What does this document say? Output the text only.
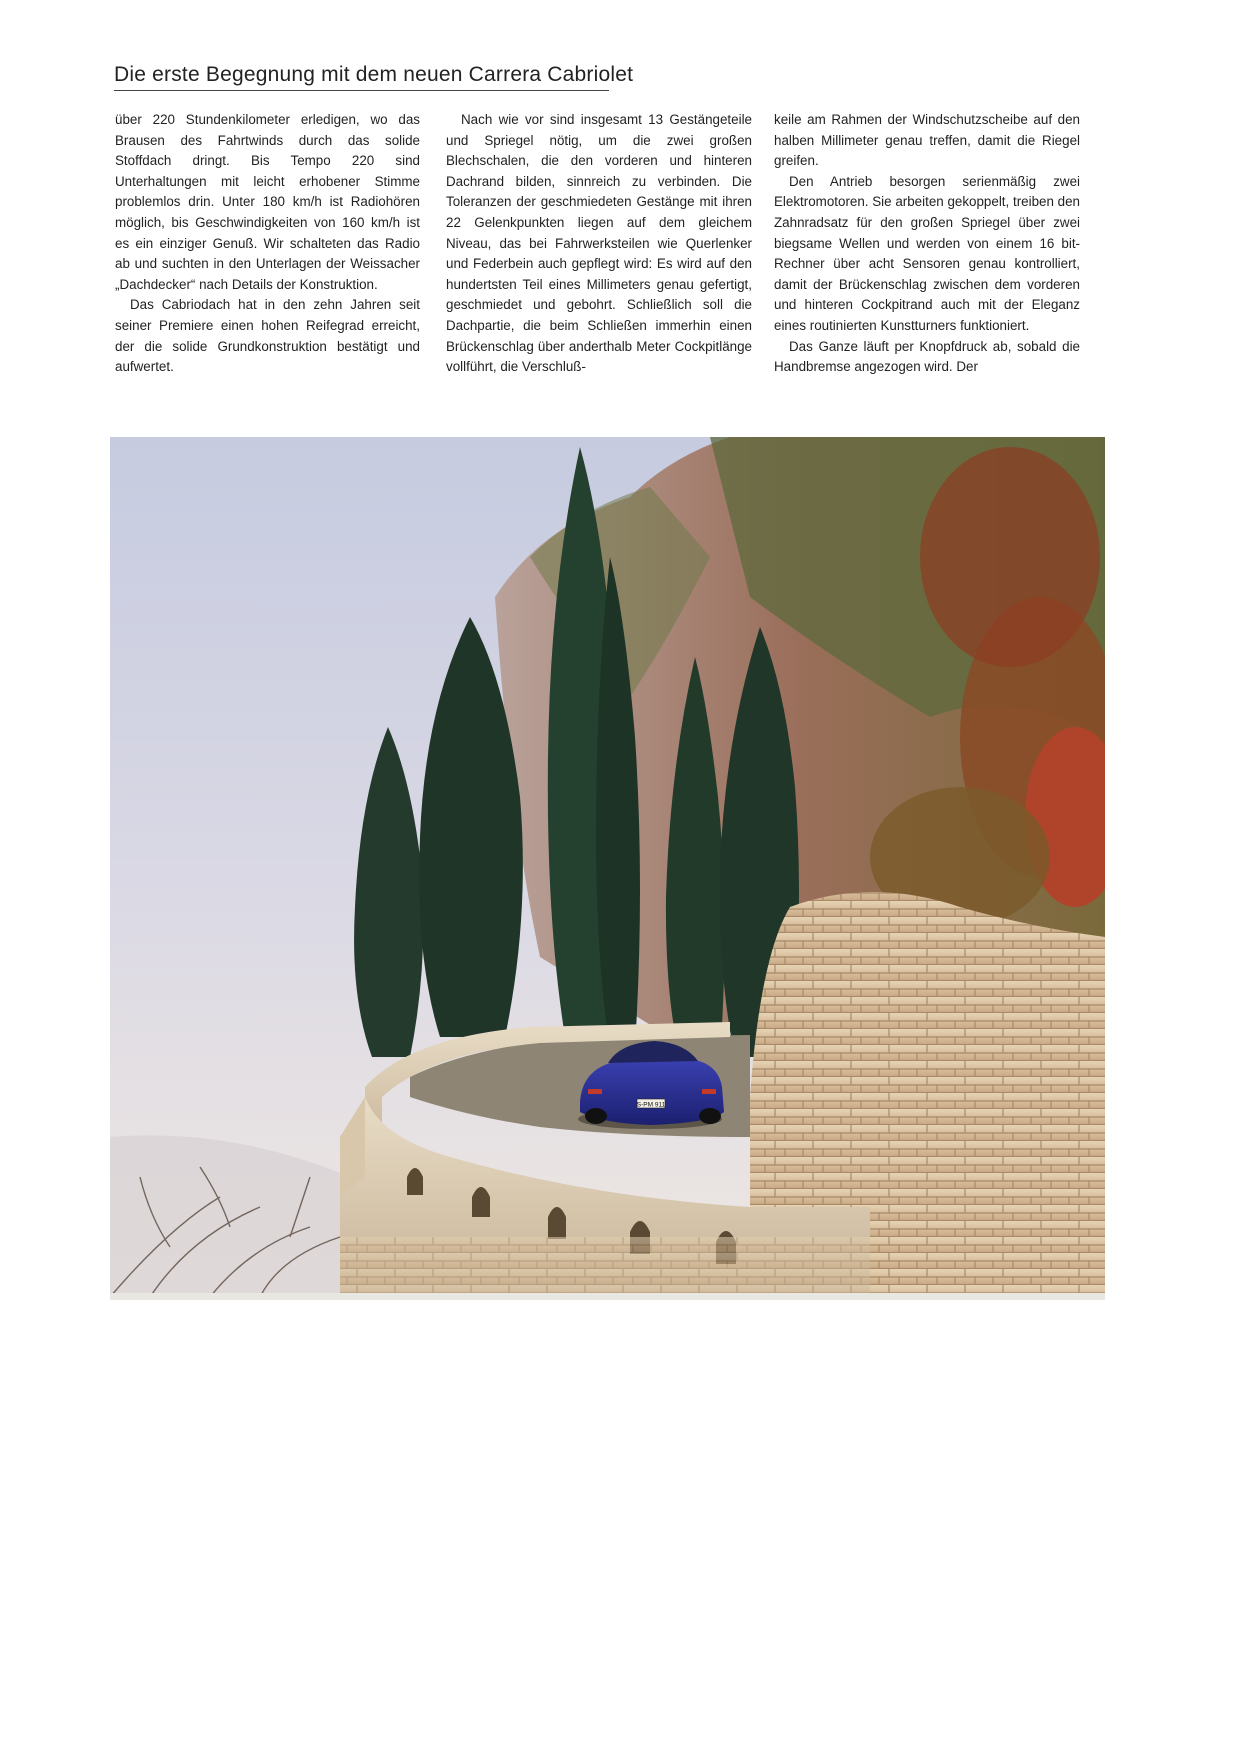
Die erste Begegnung mit dem neuen Carrera Cabriolet

über 220 Stundenkilometer erledigen, wo das Brausen des Fahrtwinds durch das solide Stoffdach dringt. Bis Tempo 220 sind Unterhaltungen mit leicht erhobener Stimme problemlos drin. Unter 180 km/h ist Radiohören möglich, bis Geschwindigkeiten von 160 km/h ist es ein einziger Genuß. Wir schalteten das Radio ab und suchten in den Unterlagen der Weissacher „Dachdecker“ nach Details der Konstruktion.

Das Cabriodach hat in den zehn Jahren seit seiner Premiere einen hohen Reifegrad erreicht, der die solide Grundkonstruktion bestätigt und aufwertet.

Nach wie vor sind insgesamt 13 Gestängeteile und Spriegel nötig, um die zwei großen Blechschalen, die den vorderen und hinteren Dachrand bilden, sinnreich zu verbinden. Die Toleranzen der geschmiedeten Gestänge mit ihren 22 Gelenkpunkten liegen auf dem gleichem Niveau, das bei Fahrwerksteilen wie Querlenker und Federbein auch gepflegt wird: Es wird auf den hundertsten Teil eines Millimeters genau gefertigt, geschmiedet und gebohrt. Schließlich soll die Dachpartie, die beim Schließen immerhin einen Brückenschlag über anderthalb Meter Cockpitlänge vollführt, die Verschluß-

keile am Rahmen der Windschutzscheibe auf den halben Millimeter genau treffen, damit die Riegel greifen.

Den Antrieb besorgen serienmäßig zwei Elektromotoren. Sie arbeiten gekoppelt, treiben den Zahnradsatz für den großen Spriegel über zwei biegsame Wellen und werden von einem 16 bit-Rechner über acht Sensoren genau kontrolliert, damit der Brückenschlag zwischen dem vorderen und hinteren Cockpitrand auch mit der Eleganz eines routinierten Kunstturners funktioniert.

Das Ganze läuft per Knopfdruck ab, sobald die Handbremse angezogen wird. Der

S-PM 911
